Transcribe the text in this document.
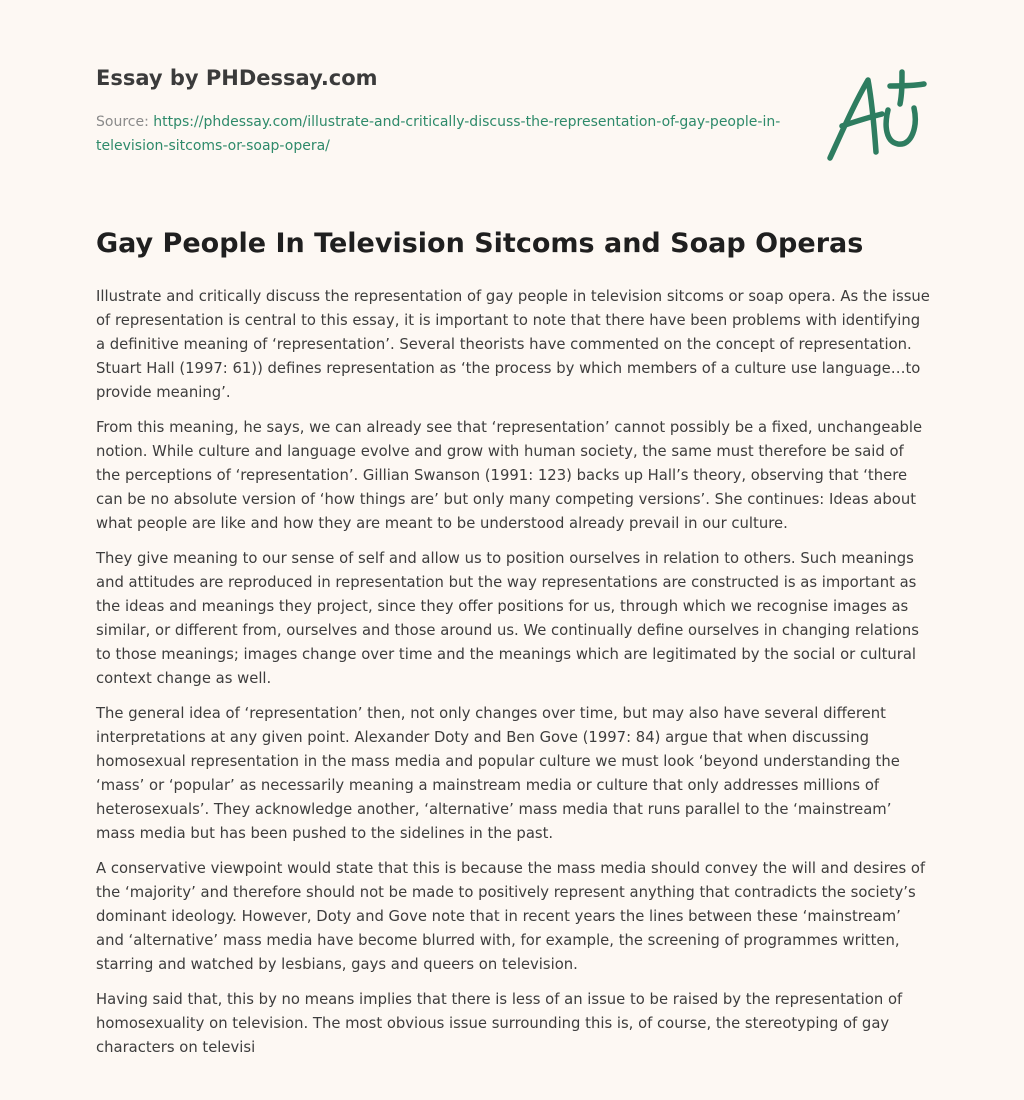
Essay by PHDessay.com
Source: https://phdessay.com/illustrate-and-critically-discuss-the-representation-of-gay-people-in-television-sitcoms-or-soap-opera/
Gay People In Television Sitcoms and Soap Operas

Illustrate and critically discuss the representation of gay people in television sitcoms or soap opera. As the issue of representation is central to this essay, it is important to note that there have been problems with identifying a definitive meaning of ‘representation’. Several theorists have commented on the concept of representation. Stuart Hall (1997: 61)) defines representation as ‘the process by which members of a culture use language…to provide meaning’.

From this meaning, he says, we can already see that ‘representation’ cannot possibly be a fixed, unchangeable notion. While culture and language evolve and grow with human society, the same must therefore be said of the perceptions of ‘representation’. Gillian Swanson (1991: 123) backs up Hall’s theory, observing that ‘there can be no absolute version of ‘how things are’ but only many competing versions’. She continues: Ideas about what people are like and how they are meant to be understood already prevail in our culture.

They give meaning to our sense of self and allow us to position ourselves in relation to others. Such meanings and attitudes are reproduced in representation but the way representations are constructed is as important as the ideas and meanings they project, since they offer positions for us, through which we recognise images as similar, or different from, ourselves and those around us. We continually define ourselves in changing relations to those meanings; images change over time and the meanings which are legitimated by the social or cultural context change as well.

The general idea of ‘representation’ then, not only changes over time, but may also have several different interpretations at any given point. Alexander Doty and Ben Gove (1997: 84) argue that when discussing homosexual representation in the mass media and popular culture we must look ‘beyond understanding the ‘mass’ or ‘popular’ as necessarily meaning a mainstream media or culture that only addresses millions of heterosexuals’. They acknowledge another, ‘alternative’ mass media that runs parallel to the ‘mainstream’ mass media but has been pushed to the sidelines in the past.

A conservative viewpoint would state that this is because the mass media should convey the will and desires of the ‘majority’ and therefore should not be made to positively represent anything that contradicts the society’s dominant ideology. However, Doty and Gove note that in recent years the lines between these ‘mainstream’ and ‘alternative’ mass media have become blurred with, for example, the screening of programmes written, starring and watched by lesbians, gays and queers on television.

Having said that, this by no means implies that there is less of an issue to be raised by the representation of homosexuality on television. The most obvious issue surrounding this is, of course, the stereotyping of gay characters on televisi
